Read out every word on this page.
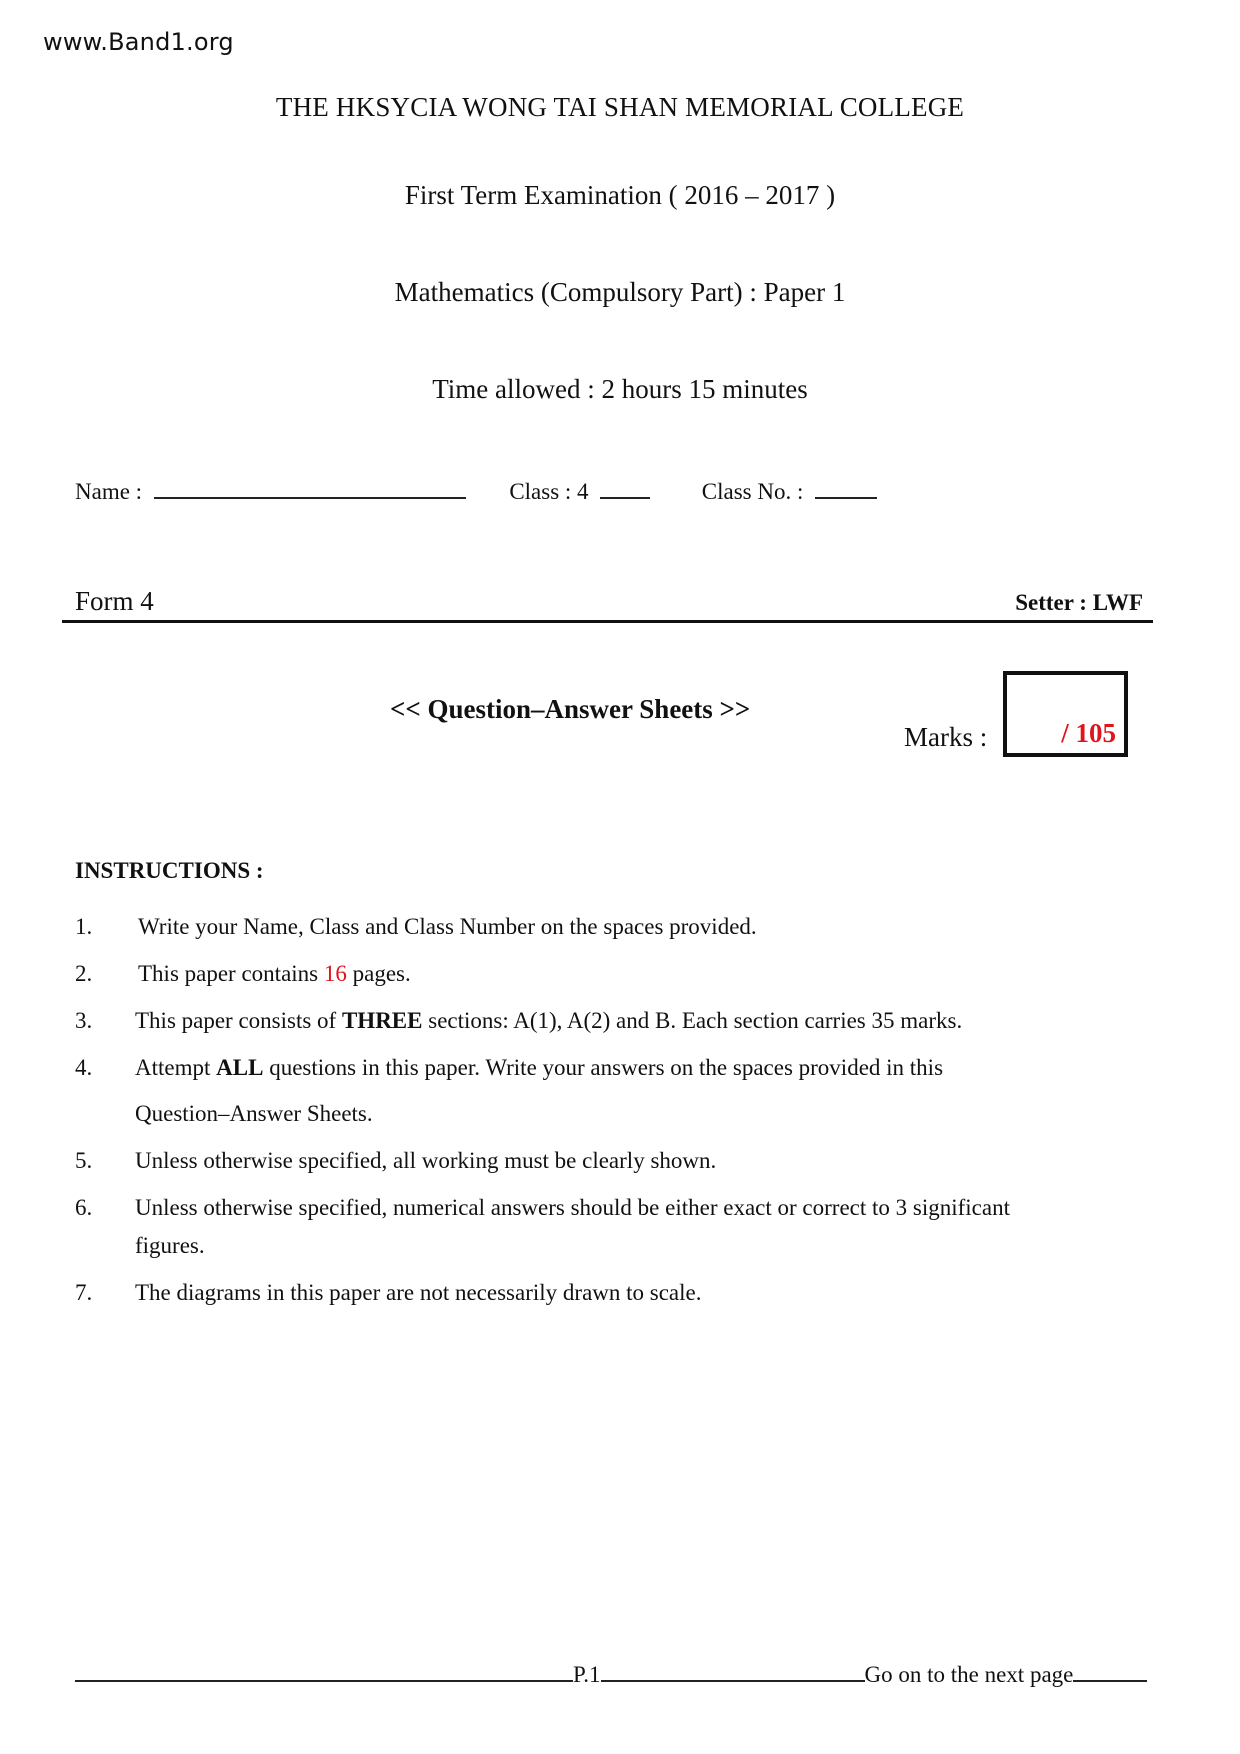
www.Band1.org
THE HKSYCIA WONG TAI SHAN MEMORIAL COLLEGE
First Term Examination ( 2016 – 2017 )
Mathematics (Compulsory Part) : Paper 1
Time allowed : 2 hours 15 minutes
Name :	Class : 4	Class No. :
Form 4	Setter : LWF
<< Question–Answer Sheets >>
Marks :	/ 105
INSTRUCTIONS :
1. Write your Name, Class and Class Number on the spaces provided.
2. This paper contains 16 pages.
3. This paper consists of THREE sections: A(1), A(2) and B. Each section carries 35 marks.
4. Attempt ALL questions in this paper. Write your answers on the spaces provided in this
Question–Answer Sheets.
5. Unless otherwise specified, all working must be clearly shown.
6. Unless otherwise specified, numerical answers should be either exact or correct to 3 significant
figures.
7. The diagrams in this paper are not necessarily drawn to scale.
P.1	Go on to the next page
